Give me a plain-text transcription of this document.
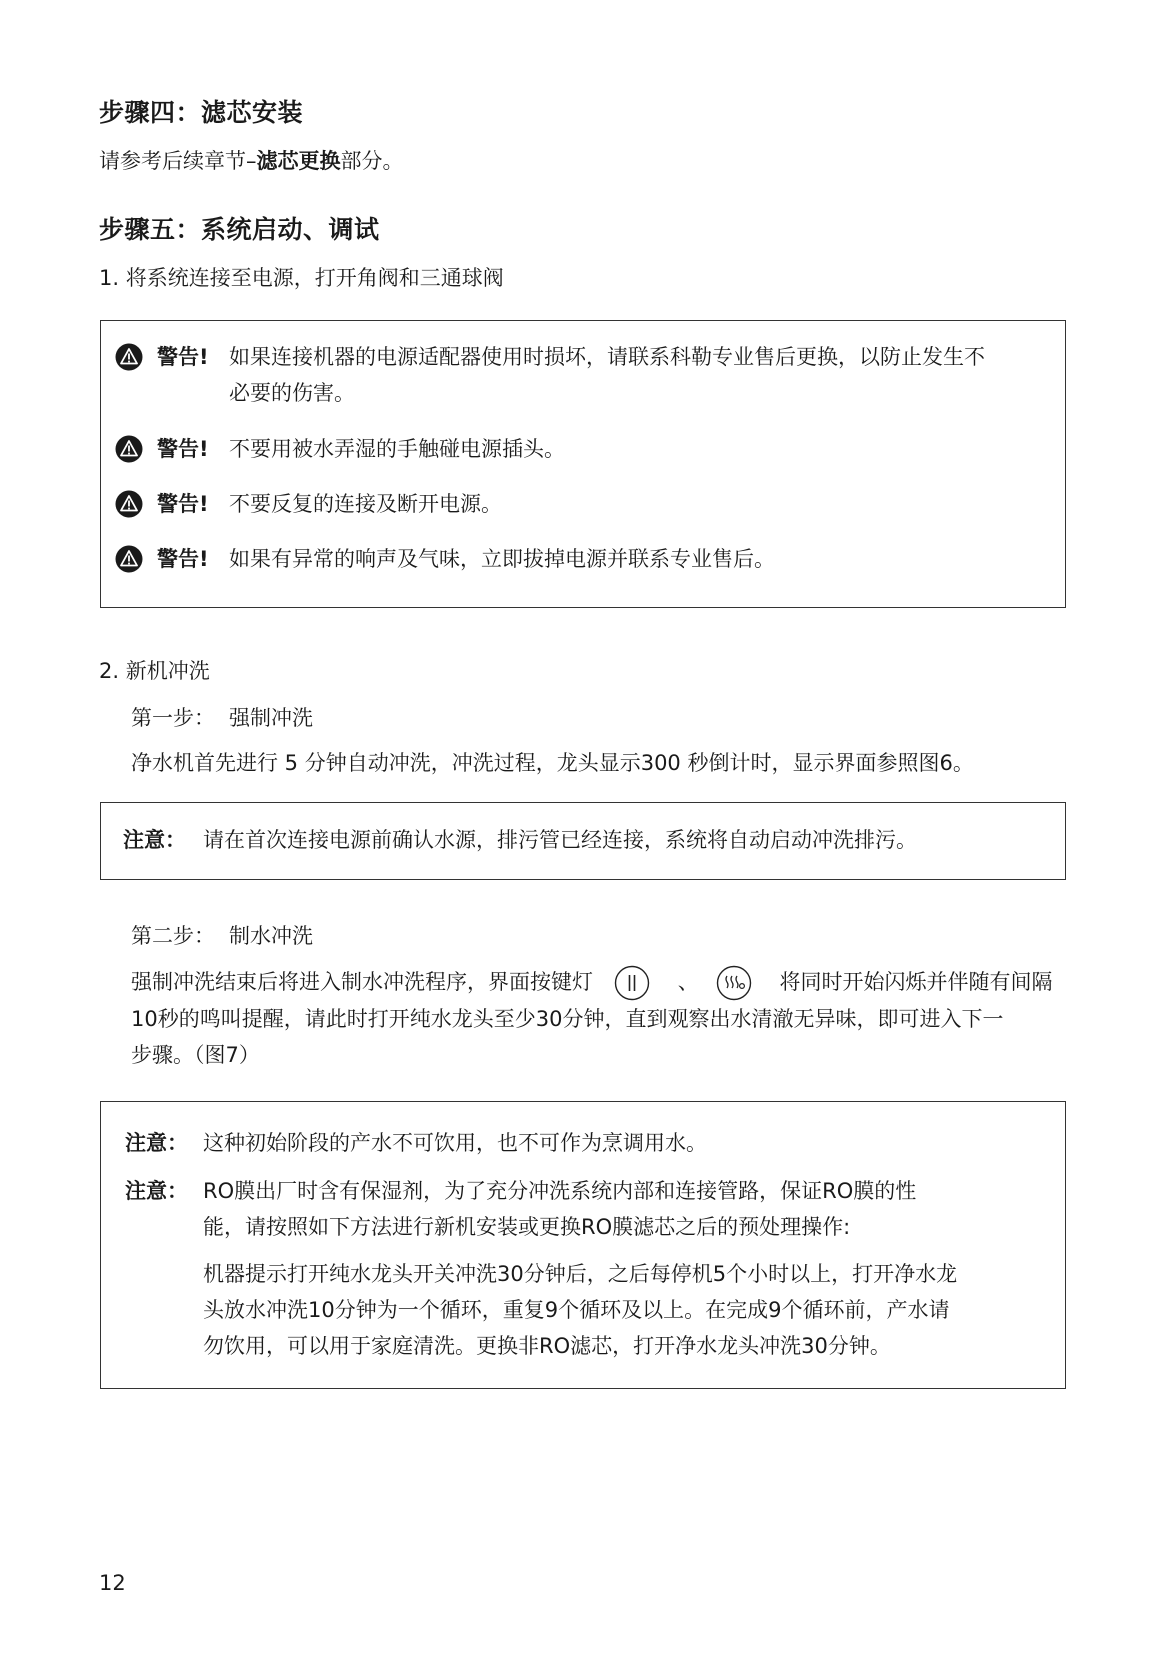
步骤四：滤芯安装
请参考后续章节–滤芯更换部分。
步骤五：系统启动、调试
1. 将系统连接至电源，打开角阀和三通球阀
警告! 如果连接机器的电源适配器使用时损坏，请联系科勒专业售后更换，以防止发生不
必要的伤害。
警告! 不要用被水弄湿的手触碰电源插头。
警告! 不要反复的连接及断开电源。
警告! 如果有异常的响声及气味，立即拔掉电源并联系专业售后。
2. 新机冲洗
第一步： 强制冲洗
净水机首先进行 5 分钟自动冲洗，冲洗过程，龙头显示300 秒倒计时，显示界面参照图6。
注意： 请在首次连接电源前确认水源，排污管已经连接，系统将自动启动冲洗排污。
第二步： 制水冲洗
强制冲洗结束后将进入制水冲洗程序，界面按键灯	、	将同时开始闪烁并伴随有间隔
10秒的鸣叫提醒，请此时打开纯水龙头至少30分钟，直到观察出水清澈无异味，即可进入下一
步骤。（图7）
注意： 这种初始阶段的产水不可饮用，也不可作为烹调用水。
注意： RO膜出厂时含有保湿剂，为了充分冲洗系统内部和连接管路，保证RO膜的性
能，请按照如下方法进行新机安装或更换RO膜滤芯之后的预处理操作:
机器提示打开纯水龙头开关冲洗30分钟后，之后每停机5个小时以上，打开净水龙
头放水冲洗10分钟为一个循环，重复9个循环及以上。在完成9个循环前，产水请
勿饮用，可以用于家庭清洗。更换非RO滤芯，打开净水龙头冲洗30分钟。
12
